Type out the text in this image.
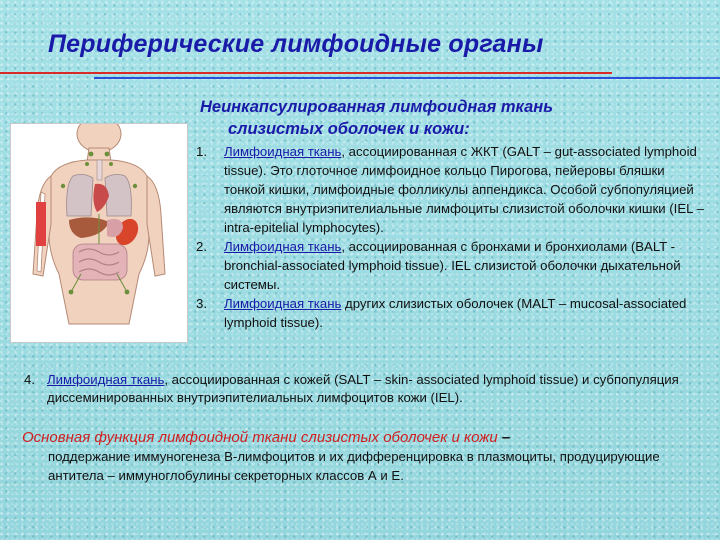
Периферические лимфоидные органы
Неинкапсулированная лимфоидная ткань
слизистых оболочек и кожи:
1. Лимфоидная ткань, ассоциированная с ЖКТ (GALT – gut-associated lymphoid tissue). Это глоточное лимфоидное кольцо Пирогова, пейеровы бляшки тонкой кишки, лимфоидные фолликулы аппендикса. Особой субпопуляцией являются внутриэпителиальные лимфоциты слизистой оболочки кишки (IEL – intra-epitelial lymphocytes).
2. Лимфоидная ткань, ассоциированная с бронхами и бронхиолами (BALT - bronchial-associated lymphoid tissue). IEL слизистой оболочки дыхательной системы.
3. Лимфоидная ткань других слизистых оболочек (MALT – mucosal-associated lymphoid tissue).
4. Лимфоидная ткань, ассоциированная с кожей (SALT – skin- associated lymphoid tissue) и субпопуляция диссеминированных внутриэпителиальных лимфоцитов кожи (IEL).
Основная функция лимфоидной ткани слизистых оболочек и кожи –
поддержание иммуногенеза В-лимфоцитов и их дифференцировка в плазмоциты, продуцирующие антитела – иммуноглобулины секреторных классов А и Е.
